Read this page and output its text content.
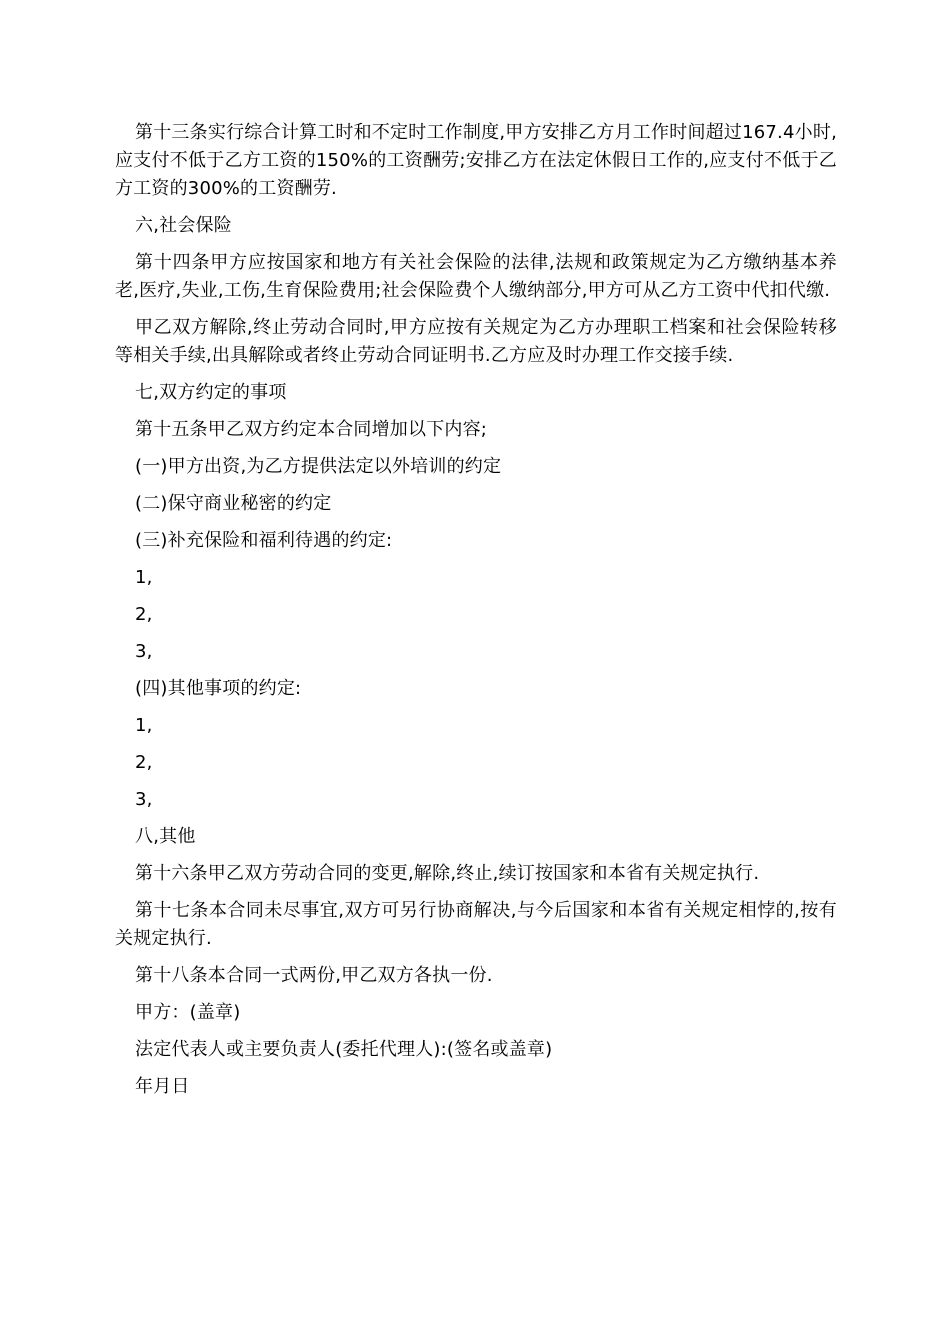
第十三条实行综合计算工时和不定时工作制度,甲方安排乙方月工作时间超过167.4小时,应支付不低于乙方工资的150%的工资酬劳;安排乙方在法定休假日工作的,应支付不低于乙方工资的300%的工资酬劳.

六,社会保险

第十四条甲方应按国家和地方有关社会保险的法律,法规和政策规定为乙方缴纳基本养老,医疗,失业,工伤,生育保险费用;社会保险费个人缴纳部分,甲方可从乙方工资中代扣代缴.

甲乙双方解除,终止劳动合同时,甲方应按有关规定为乙方办理职工档案和社会保险转移等相关手续,出具解除或者终止劳动合同证明书.乙方应及时办理工作交接手续.

七,双方约定的事项

第十五条甲乙双方约定本合同增加以下内容;

(一)甲方出资,为乙方提供法定以外培训的约定

(二)保守商业秘密的约定

(三)补充保险和福利待遇的约定:

1,

2,

3,

(四)其他事项的约定:

1,

2,

3,

八,其他

第十六条甲乙双方劳动合同的变更,解除,终止,续订按国家和本省有关规定执行.

第十七条本合同未尽事宜,双方可另行协商解决,与今后国家和本省有关规定相悖的,按有关规定执行.

第十八条本合同一式两份,甲乙双方各执一份.

甲方：(盖章)

法定代表人或主要负责人(委托代理人):(签名或盖章)

年月日
